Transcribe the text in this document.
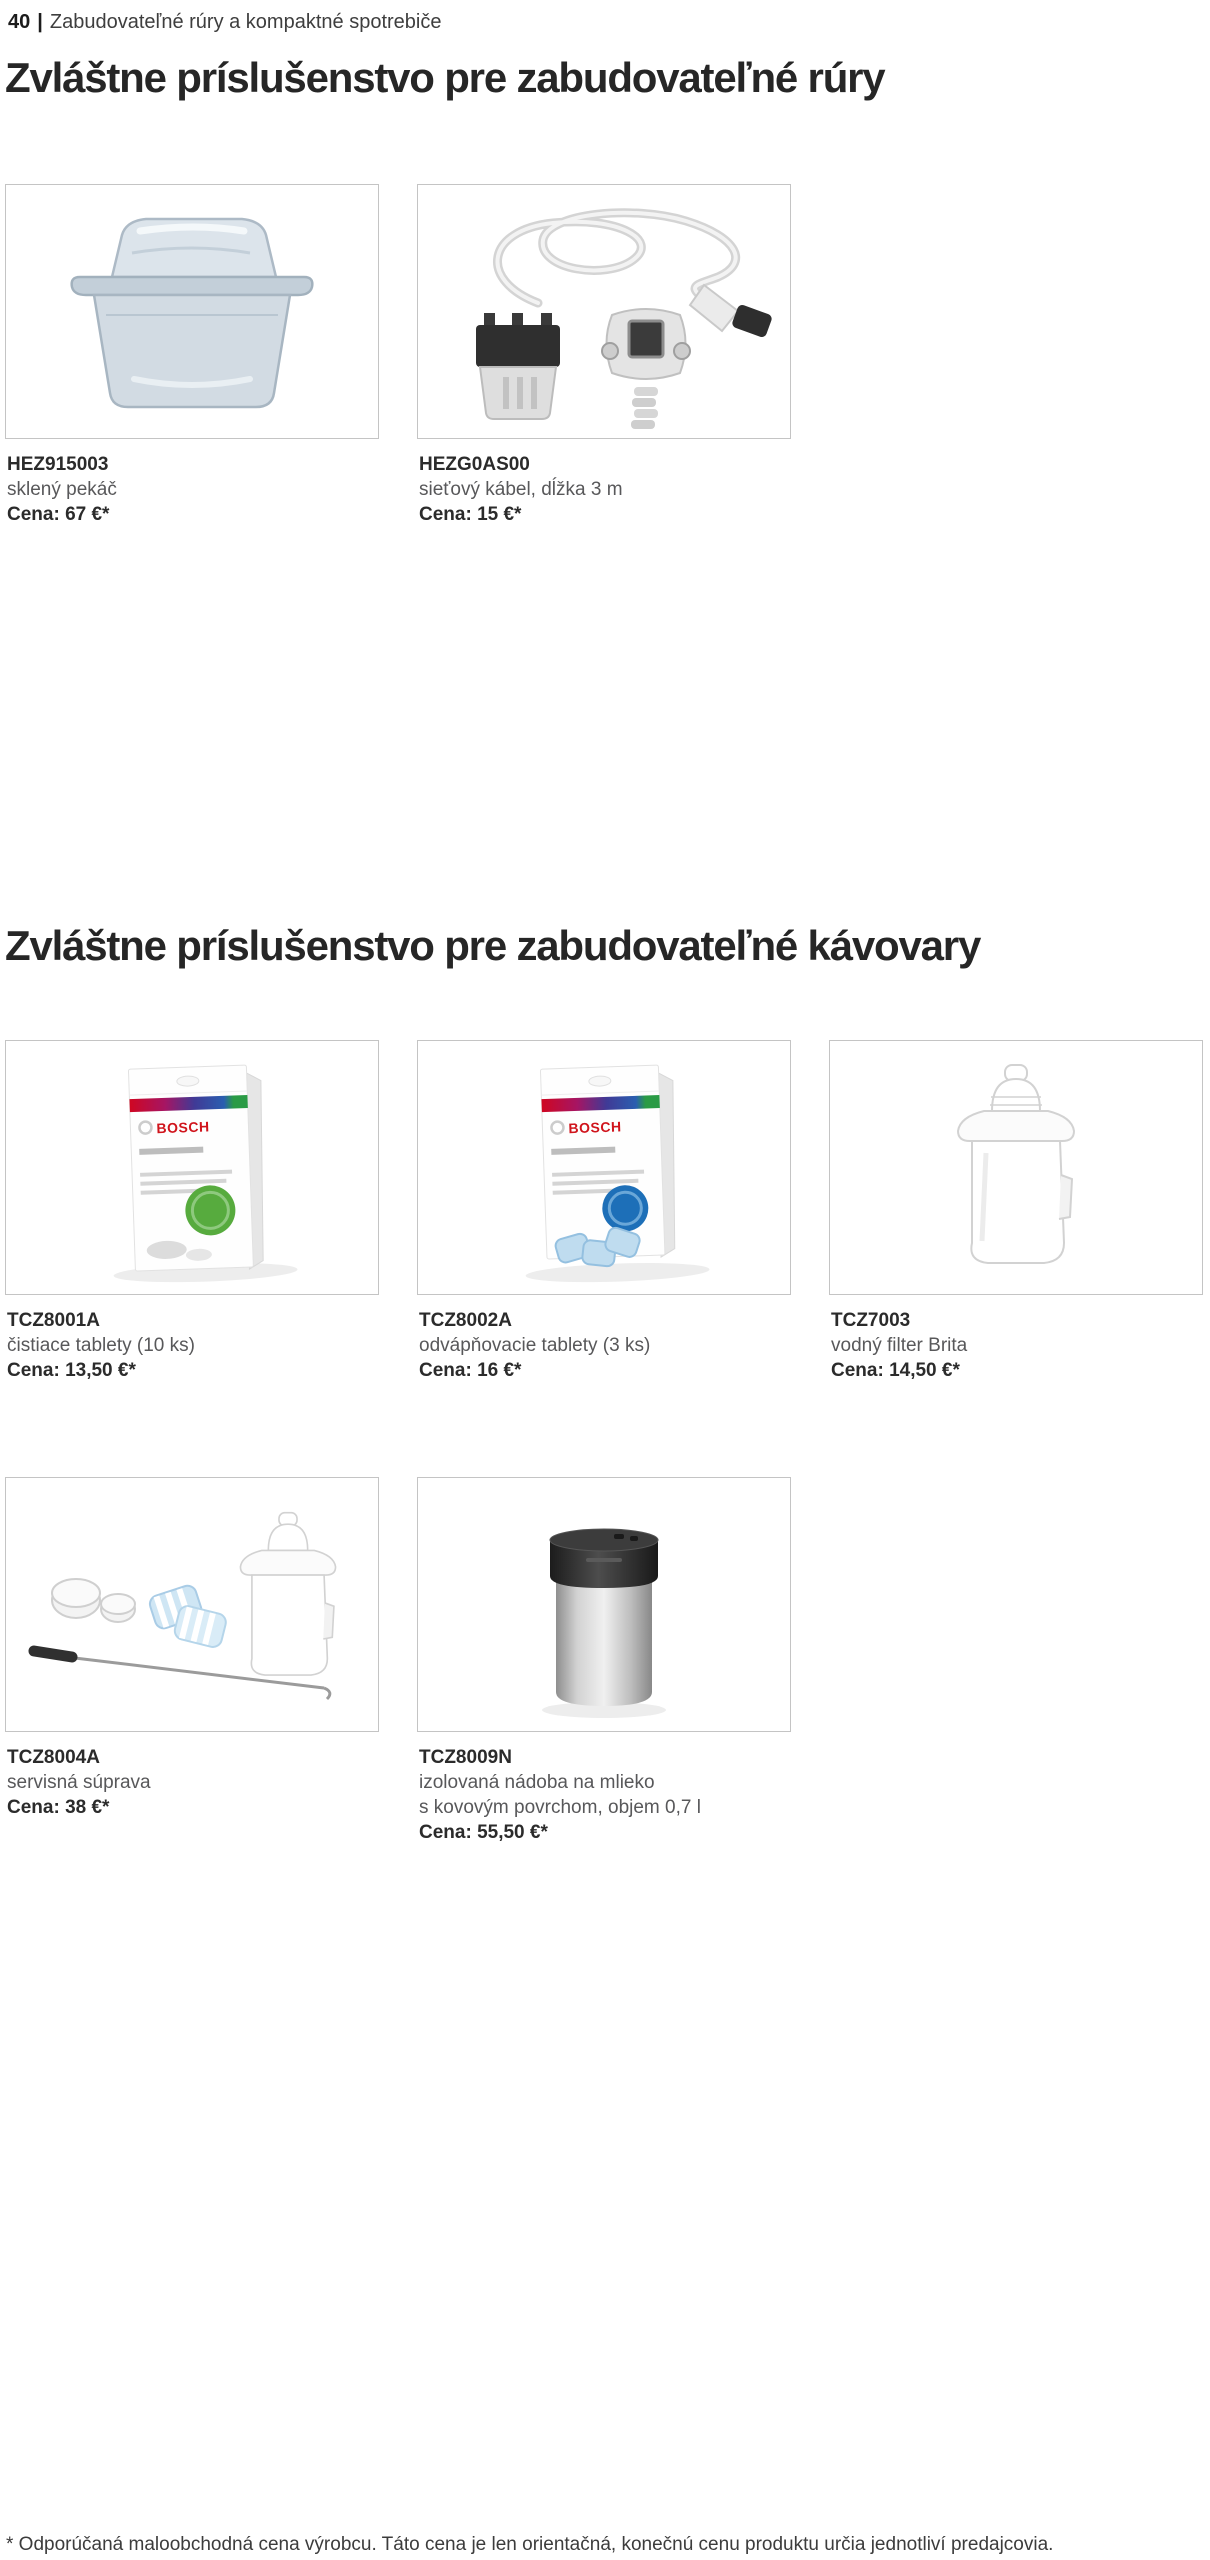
40 | Zabudovateľné rúry a kompaktné spotrebiče
Zvláštne príslušenstvo pre zabudovateľné rúry
HEZ915003
sklený pekáč
Cena: 67 €*
HEZG0AS00
sieťový kábel, dĺžka 3 m
Cena: 15 €*
Zvláštne príslušenstvo pre zabudovateľné kávovary
BOSCH
TCZ8001A
čistiace tablety (10 ks)
Cena: 13,50 €*
BOSCH
TCZ8002A
odvápňovacie tablety (3 ks)
Cena: 16 €*
TCZ7003
vodný filter Brita
Cena: 14,50 €*
TCZ8004A
servisná súprava
Cena: 38 €*
TCZ8009N
izolovaná nádoba na mlieko
s kovovým povrchom, objem 0,7 l
Cena: 55,50 €*
* Odporúčaná maloobchodná cena výrobcu. Táto cena je len orientačná, konečnú cenu produktu určia jednotliví predajcovia.
